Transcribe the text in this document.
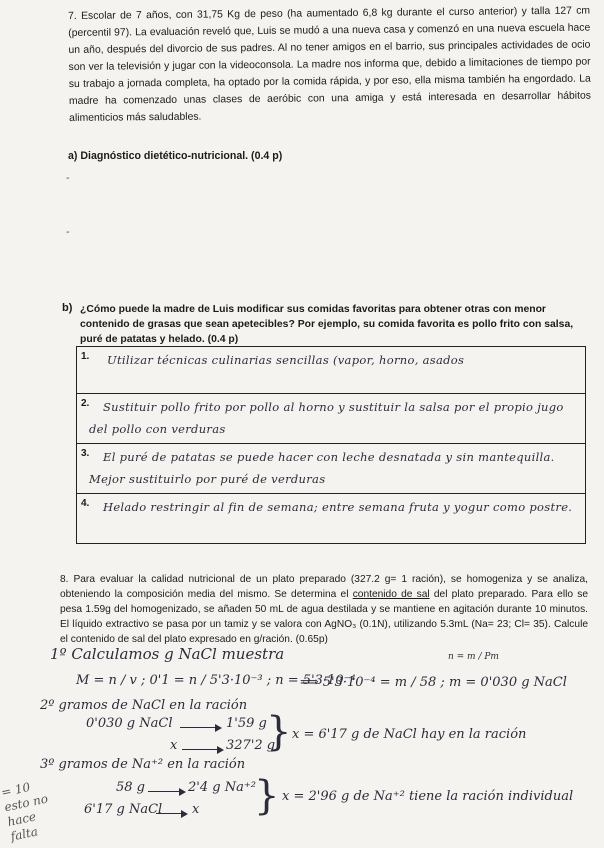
7. Escolar de 7 años, con 31,75 Kg de peso (ha aumentado 6,8 kg durante el curso anterior) y talla 127 cm (percentil 97). La evaluación reveló que, Luis se mudó a una nueva casa y comenzó en una nueva escuela hace un año, después del divorcio de sus padres. Al no tener amigos en el barrio, sus principales actividades de ocio son ver la televisión y jugar con la videoconsola. La madre nos informa que, debido a limitaciones de tiempo por su trabajo a jornada completa, ha optado por la comida rápida, y por eso, ella misma también ha engordado. La madre ha comenzado unas clases de aeróbic con una amiga y está interesada en desarrollar hábitos alimenticios más saludables.

a) Diagnóstico dietético-nutricional. (0.4 p)

-
-
b) ¿Cómo puede la madre de Luis modificar sus comidas favoritas para obtener otras con menor contenido de grasas que sean apetecibles? Por ejemplo, su comida favorita es pollo frito con salsa, puré de patatas y helado. (0.4 p)

1. Utilizar técnicas culinarias sencillas (vapor, horno, asados
2.	Sustituir pollo frito por pollo al horno y sustituir la salsa por el propio jugo del pollo con verduras
3.	El puré de patatas se puede hacer con leche desnatada y sin mantequilla. Mejor sustituirlo por puré de verduras
4.	Helado restringir al fin de semana; entre semana fruta y yogur como postre.

8. Para evaluar la calidad nutricional de un plato preparado (327.2 g= 1 ración), se homogeniza y se analiza, obteniendo la composición media del mismo. Se determina el contenido de sal del plato preparado. Para ello se pesa 1.59g del homogenizado, se añaden 50 mL de agua destilada y se mantiene en agitación durante 10 minutos. El líquido extractivo se pasa por un tamiz y se valora con AgNO₃ (0.1N), utilizando 5.3mL (Na= 23; Cl= 35). Calcule el contenido de sal del plato expresado en g/ración. (0.65p)

1º Calculamos g NaCl muestra	n = m / Pm
M = n / v ; 0'1 = n / 5'3·10⁻³ ; n = 5'3·10⁻⁴
⟹ 5'3·10⁻⁴ = m / 58 ; m = 0'030 g NaCl
2º gramos de NaCl en la ración
0'030 g NaCl	1'59 g
x	327'2 g
} x = 6'17 g de NaCl hay en la ración
3º gramos de Na⁺² en la ración
58 g	2'4 g Na⁺²
6'17 g NaCl x } x = 2'96 g de Na⁺² tiene la ración individual
= 10
esto no
hace
falta
